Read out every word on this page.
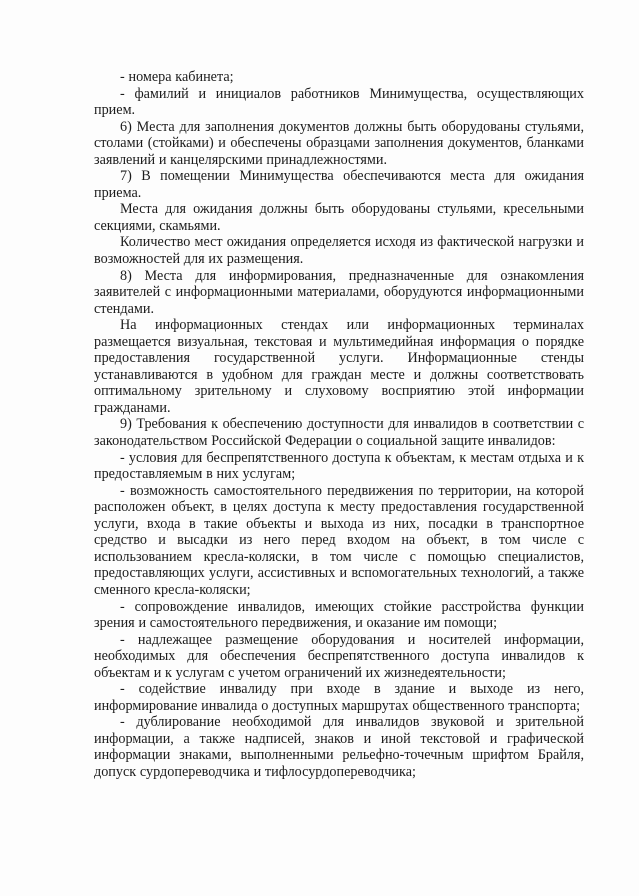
- номера кабинета;

- фамилий и инициалов работников Минимущества, осуществляющих прием.

6) Места для заполнения документов должны быть оборудованы стульями, столами (стойками) и обеспечены образцами заполнения документов, бланками заявлений и канцелярскими принадлежностями.

7) В помещении Минимущества обеспечиваются места для ожидания приема.

Места для ожидания должны быть оборудованы стульями, кресельными секциями, скамьями.

Количество мест ожидания определяется исходя из фактической нагрузки и возможностей для их размещения.

8) Места для информирования, предназначенные для ознакомления заявителей с информационными материалами, оборудуются информационными стендами.

На информационных стендах или информационных терминалах размещается визуальная, текстовая и мультимедийная информация о порядке предоставления государственной услуги. Информационные стенды устанавливаются в удобном для граждан месте и должны соответствовать оптимальному зрительному и слуховому восприятию этой информации гражданами.

9) Требования к обеспечению доступности для инвалидов в соответствии с законодательством Российской Федерации о социальной защите инвалидов:

- условия для беспрепятственного доступа к объектам, к местам отдыха и к предоставляемым в них услугам;

- возможность самостоятельного передвижения по территории, на которой расположен объект, в целях доступа к месту предоставления государственной услуги, входа в такие объекты и выхода из них, посадки в транспортное средство и высадки из него перед входом на объект, в том числе с использованием кресла-коляски, в том числе с помощью специалистов, предоставляющих услуги, ассистивных и вспомогательных технологий, а также сменного кресла-коляски;

- сопровождение инвалидов, имеющих стойкие расстройства функции зрения и самостоятельного передвижения, и оказание им помощи;

- надлежащее размещение оборудования и носителей информации, необходимых для обеспечения беспрепятственного доступа инвалидов к объектам и к услугам с учетом ограничений их жизнедеятельности;

- содействие инвалиду при входе в здание и выходе из него, информирование инвалида о доступных маршрутах общественного транспорта;

- дублирование необходимой для инвалидов звуковой и зрительной информации, а также надписей, знаков и иной текстовой и графической информации знаками, выполненными рельефно-точечным шрифтом Брайля, допуск сурдопереводчика и тифлосурдопереводчика;
